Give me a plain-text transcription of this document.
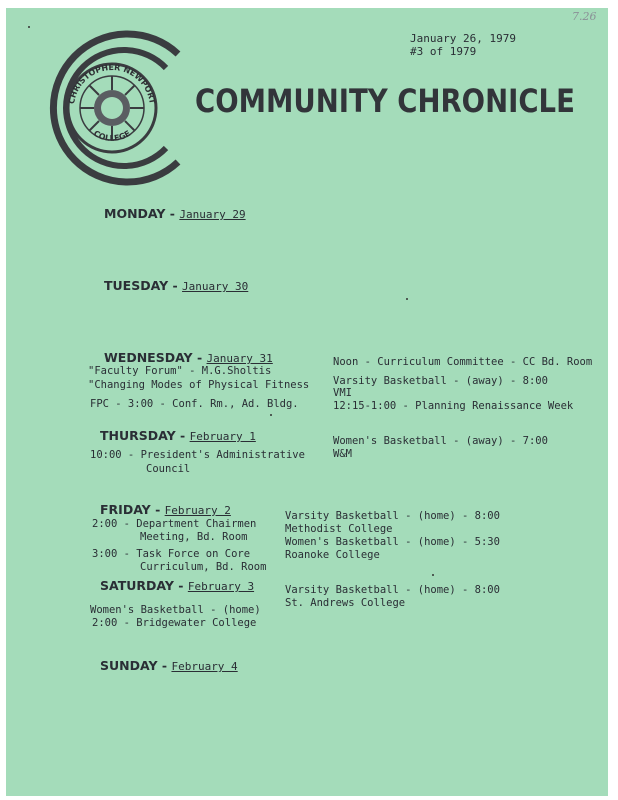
7.26
CHRISTOPHER NEWPORT
COLLEGE
January 26, 1979
#3 of 1979
COMMUNITY CHRONICLE
MONDAY - January 29
TUESDAY - January 30
WEDNESDAY - January 31
"Faculty Forum" - M.G.Sholtis
"Changing Modes of Physical Fitness
FPC - 3:00 - Conf. Rm., Ad. Bldg.
Noon - Curriculum Committee - CC Bd. Room
Varsity Basketball - (away) - 8:00
VMI
12:15-1:00 - Planning Renaissance Week
THURSDAY - February 1
10:00 - President's Administrative
Council
Women's Basketball - (away) - 7:00
W&M
FRIDAY - February 2
2:00 - Department Chairmen
Meeting, Bd. Room
3:00 - Task Force on Core
Curriculum, Bd. Room
Varsity Basketball - (home) - 8:00
Methodist College
Women's Basketball - (home) - 5:30
Roanoke College
SATURDAY - February 3
Women's Basketball - (home)
2:00 - Bridgewater College
Varsity Basketball - (home) - 8:00
St. Andrews College
SUNDAY - February 4
